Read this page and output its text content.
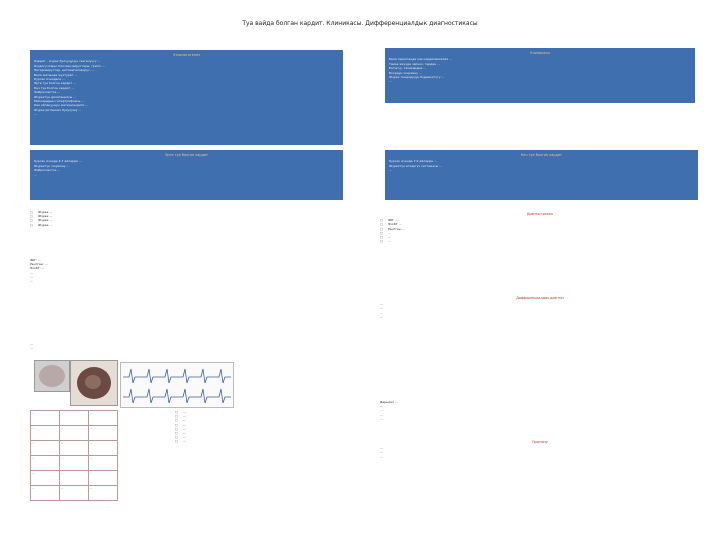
Туа вайда болган кардит. Клиникасы. Дифференциалдык диагностикасы
Этиопатогенез
Кардит - жүрөк булчуңунун сезгенүүсү ...
Коздогучтары: Коксаки вирустары, грипп, ...
Энтеровирустар, цитомегаловирус, ...
Бала жатында жуктурат ...
Курсак ичиндеги ...
Эрте туа болгон кардит ...
Кеч туа болгон кардит ...
Фиброэластоз ...
Жүрөктүн дилатациясы ...
Миокарддын гипертрофиясы ...
Кан айлануунун жетишсиздиги ...
Жүрөк ритминин бузулушу ...
...
Клиникасы
Бала төрөлгөндө эле кардиомегалия ...
Тамак эмүүдө чарчоо, тердөө ...
Ентигүү, тахикардия ...
Боордун чоңоюшу ...
Жүрөк тондорунун бүдөмүктүгү ...
...
Эрте туа болгон кардит
Курсак ичинде 4-7 айларда ...
Жүрөктүн чоңоюшу ...
Фиброэластоз ...
...
Кеч туа болгон кардит
Курсак ичинде 7-9 айларда ...
Жүрөктүн өткөргүч системасы ...
...
□	Жүрөк ...
□	Жүрөк ...
□	Жүрөк ...
□	Жүрөк ...
ЭКГ: ...
Рентген: ...
ЭхоКГ: ...
...
...
...
...
...
...	...	...
...	...	...
...	...	...
...	...	...
...	...	...
...	...	...
□	...
□	...
□	...
□	...
□	...
□	...
□	...
□	...
Диагностикасы
□	ЭКГ ...
□	ЭхоКГ ...
□	Рентген ...
□	...
□	...
□	...
Дифференциалдык диагноз
...
...
...
...
Дарылоо ...
...
...
...
...
Прогнозу
...
...
...
